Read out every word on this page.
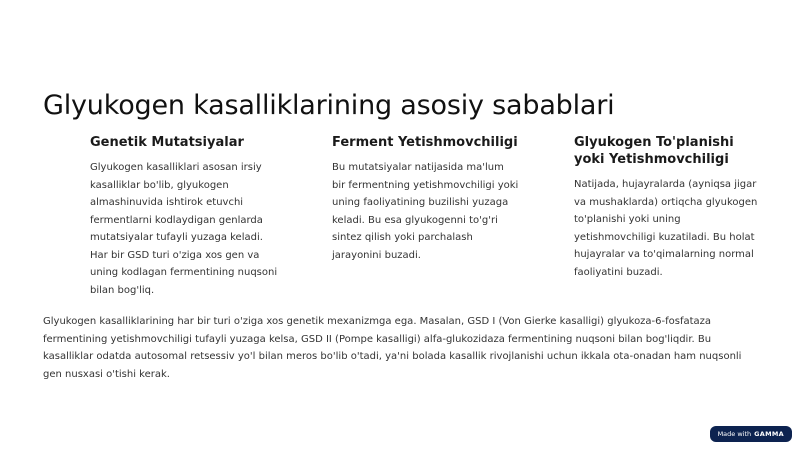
Glyukogen kasalliklarining asosiy sabablari
Genetik Mutatsiyalar

Glyukogen kasalliklari asosan irsiy kasalliklar bo'lib, glyukogen almashinuvida ishtirok etuvchi fermentlarni kodlaydigan genlarda mutatsiyalar tufayli yuzaga keladi. Har bir GSD turi o'ziga xos gen va uning kodlagan fermentining nuqsoni bilan bog'liq.

Ferment Yetishmovchiligi

Bu mutatsiyalar natijasida ma'lum bir fermentning yetishmovchiligi yoki uning faoliyatining buzilishi yuzaga keladi. Bu esa glyukogenni to'g'ri sintez qilish yoki parchalash jarayonini buzadi.

Glyukogen To'planishi yoki Yetishmovchiligi

Natijada, hujayralarda (ayniqsa jigar va mushaklarda) ortiqcha glyukogen to'planishi yoki uning yetishmovchiligi kuzatiladi. Bu holat hujayralar va to'qimalarning normal faoliyatini buzadi.

Glyukogen kasalliklarining har bir turi o'ziga xos genetik mexanizmga ega. Masalan, GSD I (Von Gierke kasalligi) glyukoza-6-fosfataza fermentining yetishmovchiligi tufayli yuzaga kelsa, GSD II (Pompe kasalligi) alfa-glukozidaza fermentining nuqsoni bilan bog'liqdir. Bu kasalliklar odatda autosomal retsessiv yo'l bilan meros bo'lib o'tadi, ya'ni bolada kasallik rivojlanishi uchun ikkala ota-onadan ham nuqsonli gen nusxasi o'tishi kerak.

Made with GAMMA
